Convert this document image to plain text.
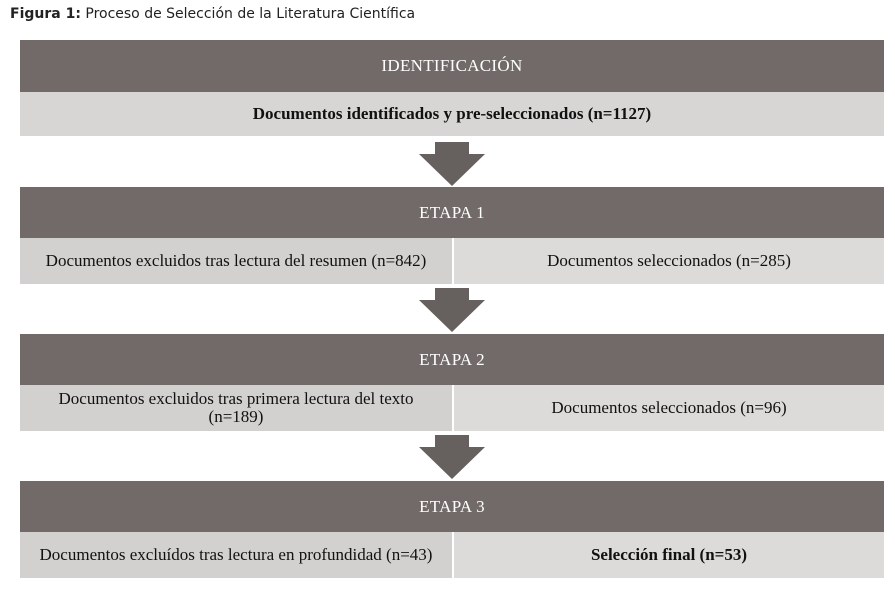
Figura 1: Proceso de Selección de la Literatura Científica
IDENTIFICACIÓN
Documentos identificados y pre-seleccionados (n=1127)
ETAPA 1
Documentos excluidos tras lectura del resumen (n=842)	Documentos seleccionados (n=285)
ETAPA 2
Documentos excluidos tras primera lectura del texto (n=189)	Documentos seleccionados (n=96)
ETAPA 3
Documentos excluídos tras lectura en profundidad (n=43)	Selección final (n=53)
